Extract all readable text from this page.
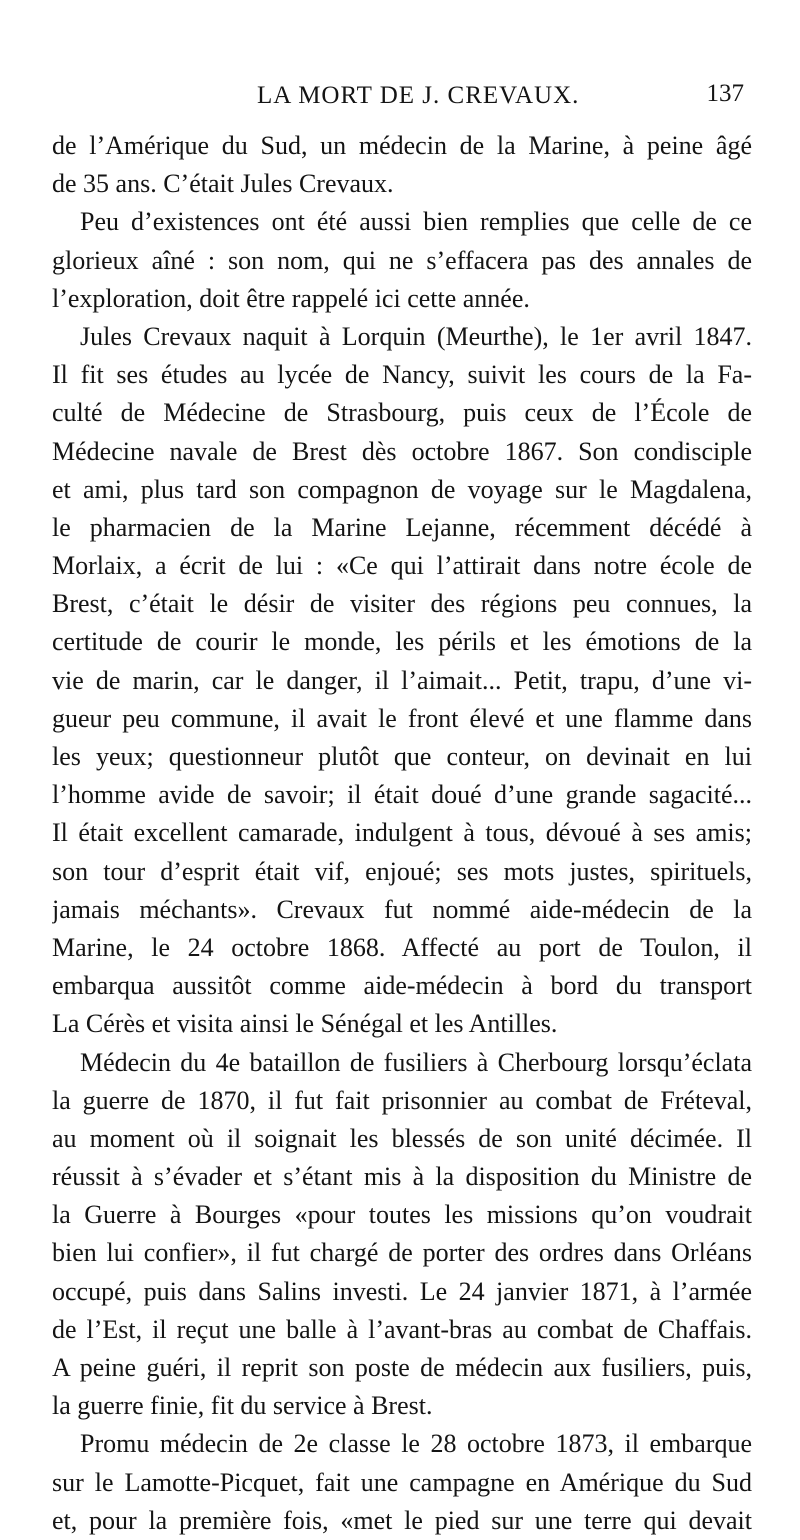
LA MORT DE J. CREVAUX.	137
de l’Amérique du Sud, un médecin de la Marine, à peine âgé
de 35 ans. C’était Jules Crevaux.
Peu d’existences ont été aussi bien remplies que celle de ce
glorieux aîné : son nom, qui ne s’effacera pas des annales de
l’exploration, doit être rappelé ici cette année.
Jules Crevaux naquit à Lorquin (Meurthe), le 1er avril 1847.
Il fit ses études au lycée de Nancy, suivit les cours de la Fa-
culté de Médecine de Strasbourg, puis ceux de l’École de
Médecine navale de Brest dès octobre 1867. Son condisciple
et ami, plus tard son compagnon de voyage sur le Magdalena,
le pharmacien de la Marine Lejanne, récemment décédé à
Morlaix, a écrit de lui : «Ce qui l’attirait dans notre école de
Brest, c’était le désir de visiter des régions peu connues, la
certitude de courir le monde, les périls et les émotions de la
vie de marin, car le danger, il l’aimait... Petit, trapu, d’une vi-
gueur peu commune, il avait le front élevé et une flamme dans
les yeux; questionneur plutôt que conteur, on devinait en lui
l’homme avide de savoir; il était doué d’une grande sagacité...
Il était excellent camarade, indulgent à tous, dévoué à ses amis;
son tour d’esprit était vif, enjoué; ses mots justes, spirituels,
jamais méchants». Crevaux fut nommé aide-médecin de la
Marine, le 24 octobre 1868. Affecté au port de Toulon, il
embarqua aussitôt comme aide-médecin à bord du transport
La Cérès et visita ainsi le Sénégal et les Antilles.
Médecin du 4e bataillon de fusiliers à Cherbourg lorsqu’éclata
la guerre de 1870, il fut fait prisonnier au combat de Fréteval,
au moment où il soignait les blessés de son unité décimée. Il
réussit à s’évader et s’étant mis à la disposition du Ministre de
la Guerre à Bourges «pour toutes les missions qu’on voudrait
bien lui confier», il fut chargé de porter des ordres dans Orléans
occupé, puis dans Salins investi. Le 24 janvier 1871, à l’armée
de l’Est, il reçut une balle à l’avant-bras au combat de Chaffais.
A peine guéri, il reprit son poste de médecin aux fusiliers, puis,
la guerre finie, fit du service à Brest.
Promu médecin de 2e classe le 28 octobre 1873, il embarque
sur le Lamotte-Picquet, fait une campagne en Amérique du Sud
et, pour la première fois, «met le pied sur une terre qui devait
